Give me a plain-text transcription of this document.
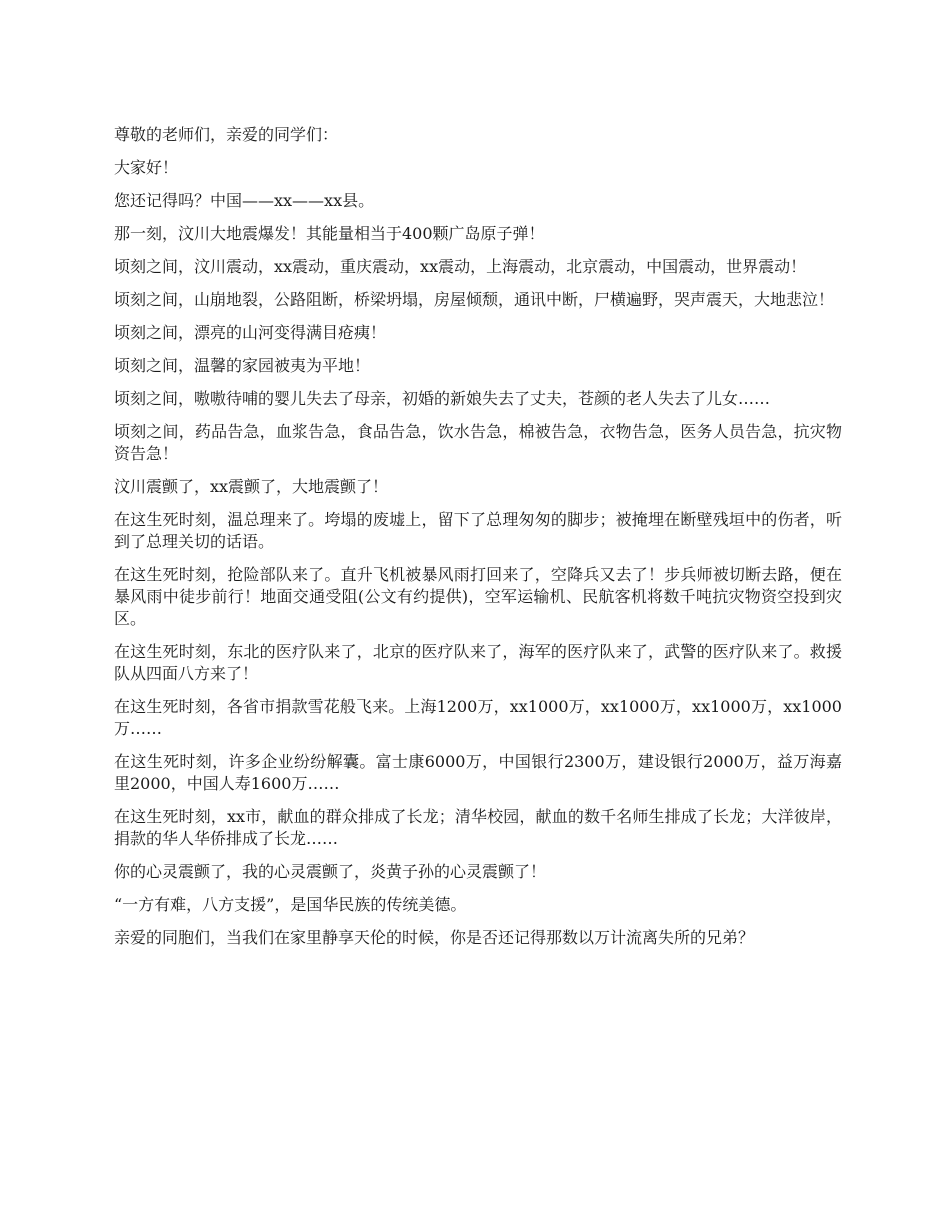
尊敬的老师们，亲爱的同学们：

大家好！

您还记得吗？中国——xx——xx县。

那一刻，汶川大地震爆发！其能量相当于400颗广岛原子弹！

顷刻之间，汶川震动，xx震动，重庆震动，xx震动，上海震动，北京震动，中国震动，世界震动！

顷刻之间，山崩地裂，公路阻断，桥梁坍塌，房屋倾颓，通讯中断，尸横遍野，哭声震天，大地悲泣！

顷刻之间，漂亮的山河变得满目疮痍！

顷刻之间，温馨的家园被夷为平地！

顷刻之间，嗷嗷待哺的婴儿失去了母亲，初婚的新娘失去了丈夫，苍颜的老人失去了儿女……

顷刻之间，药品告急，血浆告急，食品告急，饮水告急，棉被告急，衣物告急，医务人员告急，抗灾物资告急！

汶川震颤了，xx震颤了，大地震颤了！

在这生死时刻，温总理来了。垮塌的废墟上，留下了总理匆匆的脚步；被掩埋在断壁残垣中的伤者，听到了总理关切的话语。

在这生死时刻，抢险部队来了。直升飞机被暴风雨打回来了，空降兵又去了！步兵师被切断去路，便在暴风雨中徒步前行！地面交通受阻(公文有约提供)，空军运输机、民航客机将数千吨抗灾物资空投到灾区。

在这生死时刻，东北的医疗队来了，北京的医疗队来了，海军的医疗队来了，武警的医疗队来了。救援队从四面八方来了！

在这生死时刻，各省市捐款雪花般飞来。上海1200万，xx1000万，xx1000万，xx1000万，xx1000万……

在这生死时刻，许多企业纷纷解囊。富士康6000万，中国银行2300万，建设银行2000万，益万海嘉里2000，中国人寿1600万……

在这生死时刻，xx市，献血的群众排成了长龙；清华校园，献血的数千名师生排成了长龙；大洋彼岸，捐款的华人华侨排成了长龙……

你的心灵震颤了，我的心灵震颤了，炎黄子孙的心灵震颤了！

“一方有难，八方支援”，是国华民族的传统美德。

亲爱的同胞们，当我们在家里静享天伦的时候，你是否还记得那数以万计流离失所的兄弟？
